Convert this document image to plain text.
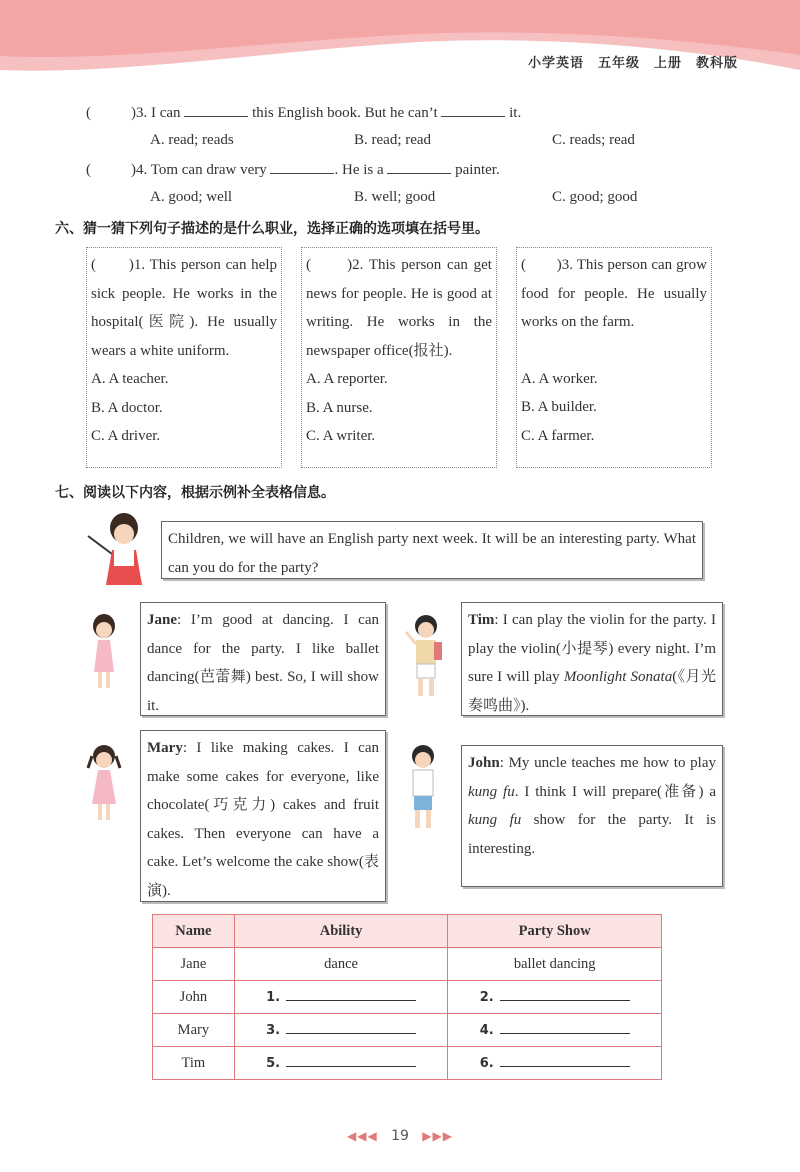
小学英语　五年级　上册　教科版
(	)3. I can	this English book. But he can’t	it.
A. read; reads	B. read; read	C. reads; read
(	)4. Tom can draw very	. He is a	painter.
A. good; well	B. well; good	C. good; good
六、猜一猜下列句子描述的是什么职业，选择正确的选项填在括号里。
(　　)1. This person can help sick people. He works in the hospital(医院). He usually wears a white uniform.
A. A teacher.
B. A doctor.
C. A driver.
(　　)2. This person can get news for people. He is good at writing. He works in the newspaper office(报社).
A. A reporter.
B. A nurse.
C. A writer.
(　　)3. This person can grow food for people. He usually works on the farm.
A. A worker.
B. A builder.
C. A farmer.
七、阅读以下内容，根据示例补全表格信息。
Children, we will have an English party next week. It will be an interesting party. What can you do for the party?
Jane: I’m good at dancing. I can dance for the party. I like ballet dancing(芭蕾舞) best. So, I will show it.
Tim: I can play the violin for the party. I play the violin(小提琴) every night. I’m sure I will play Moonlight Sonata(《月光奏鸣曲》).
Mary: I like making cakes. I can make some cakes for everyone, like chocolate(巧克力) cakes and fruit cakes. Then everyone can have a cake. Let’s welcome the cake show(表演).
John: My uncle teaches me how to play kung fu. I think I will prepare(准备) a kung fu show for the party. It is interesting.
Name	Ability	Party Show
Jane	dance	ballet dancing
John	1.	2.
Mary	3.	4.
Tim	5.	6.
◀◀◀ 19 ▶▶▶
